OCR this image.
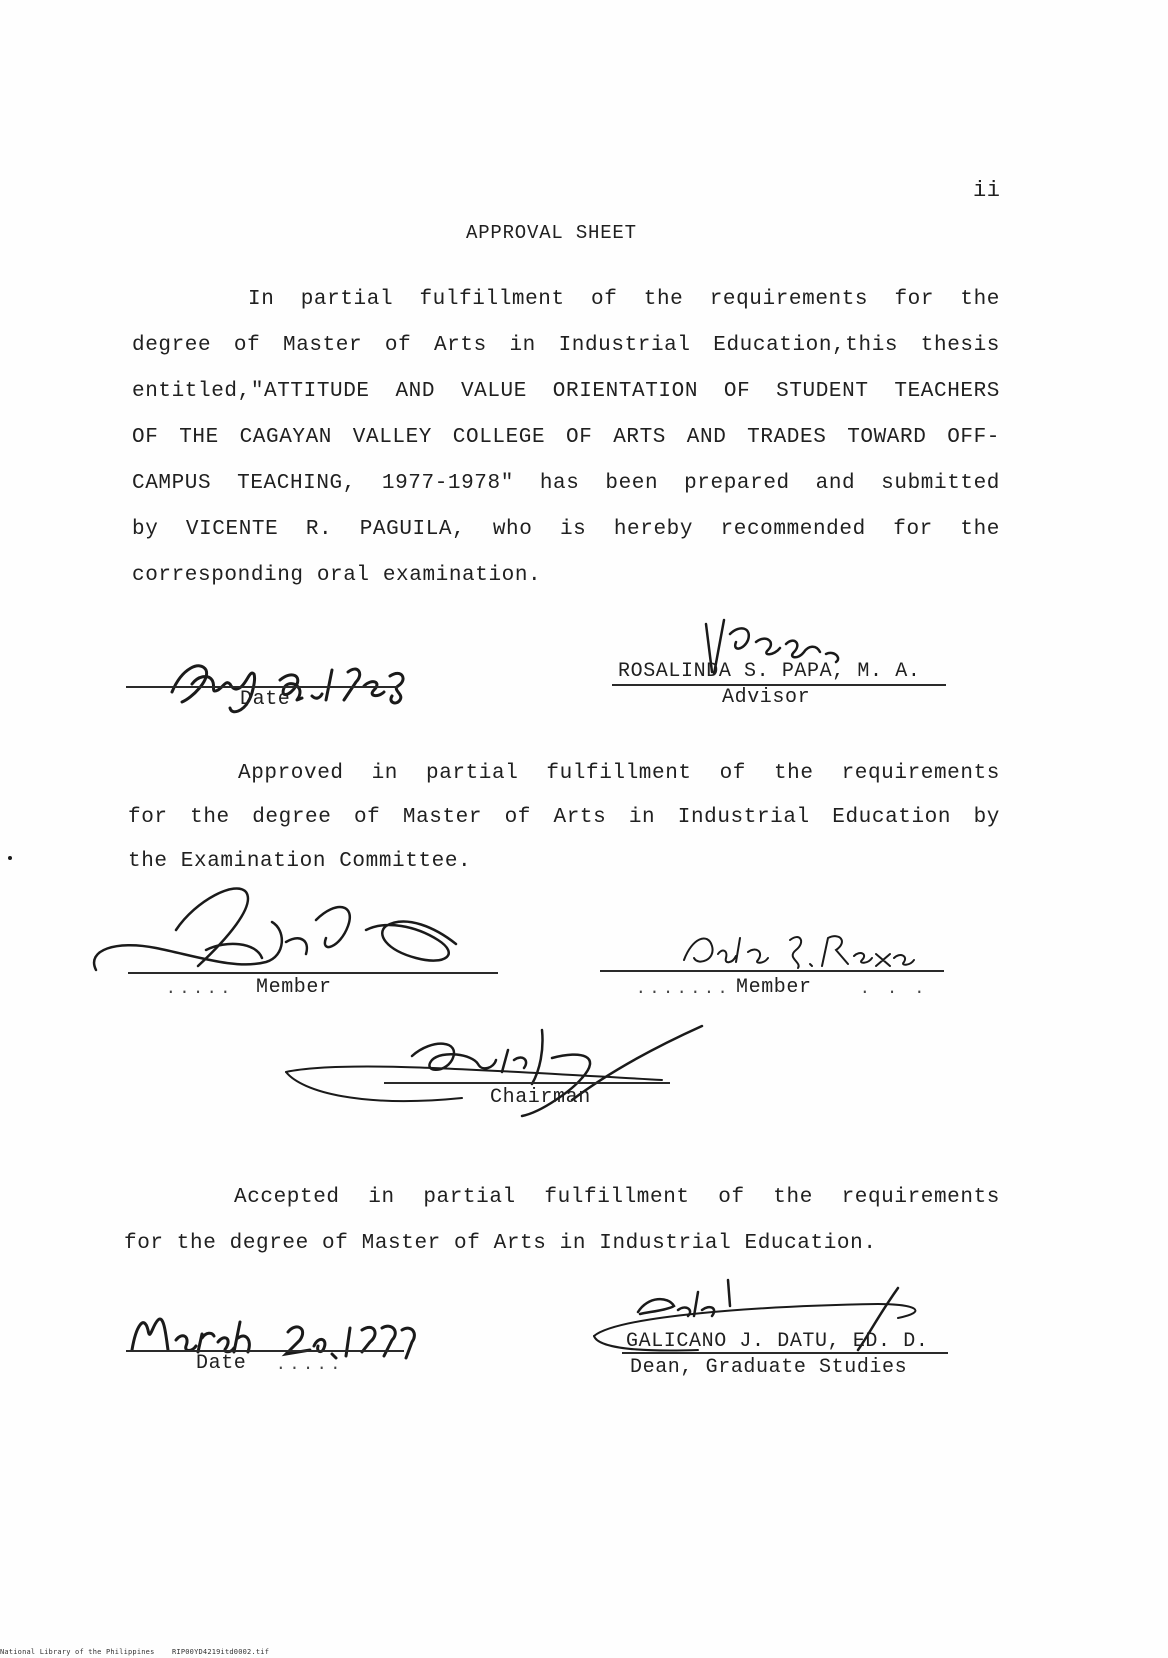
ii
APPROVAL SHEET
In partial fulfillment of the requirements for the
degree of Master of Arts in Industrial Education,this thesis
entitled,"ATTITUDE AND VALUE ORIENTATION OF STUDENT TEACHERS
OF THE CAGAYAN VALLEY COLLEGE OF ARTS AND TRADES TOWARD OFF-
CAMPUS TEACHING, 1977-1978" has been prepared and submitted
by VICENTE R. PAGUILA, who is hereby recommended for the
corresponding oral examination.
Date
ROSALINDA S. PAPA, M. A.
Advisor
Approved in partial fulfillment of the requirements
for the degree of Master of Arts in Industrial Education by
the Examination Committee.
..... Member	....... Member	. . .
Chairman
Accepted in partial fulfillment of the requirements
for the degree of Master of Arts in Industrial Education.
Date .....
GALICANO J. DATU, ED. D.
Dean, Graduate Studies
National Library of the Philippines RIP00YD4219itd0002.tif
